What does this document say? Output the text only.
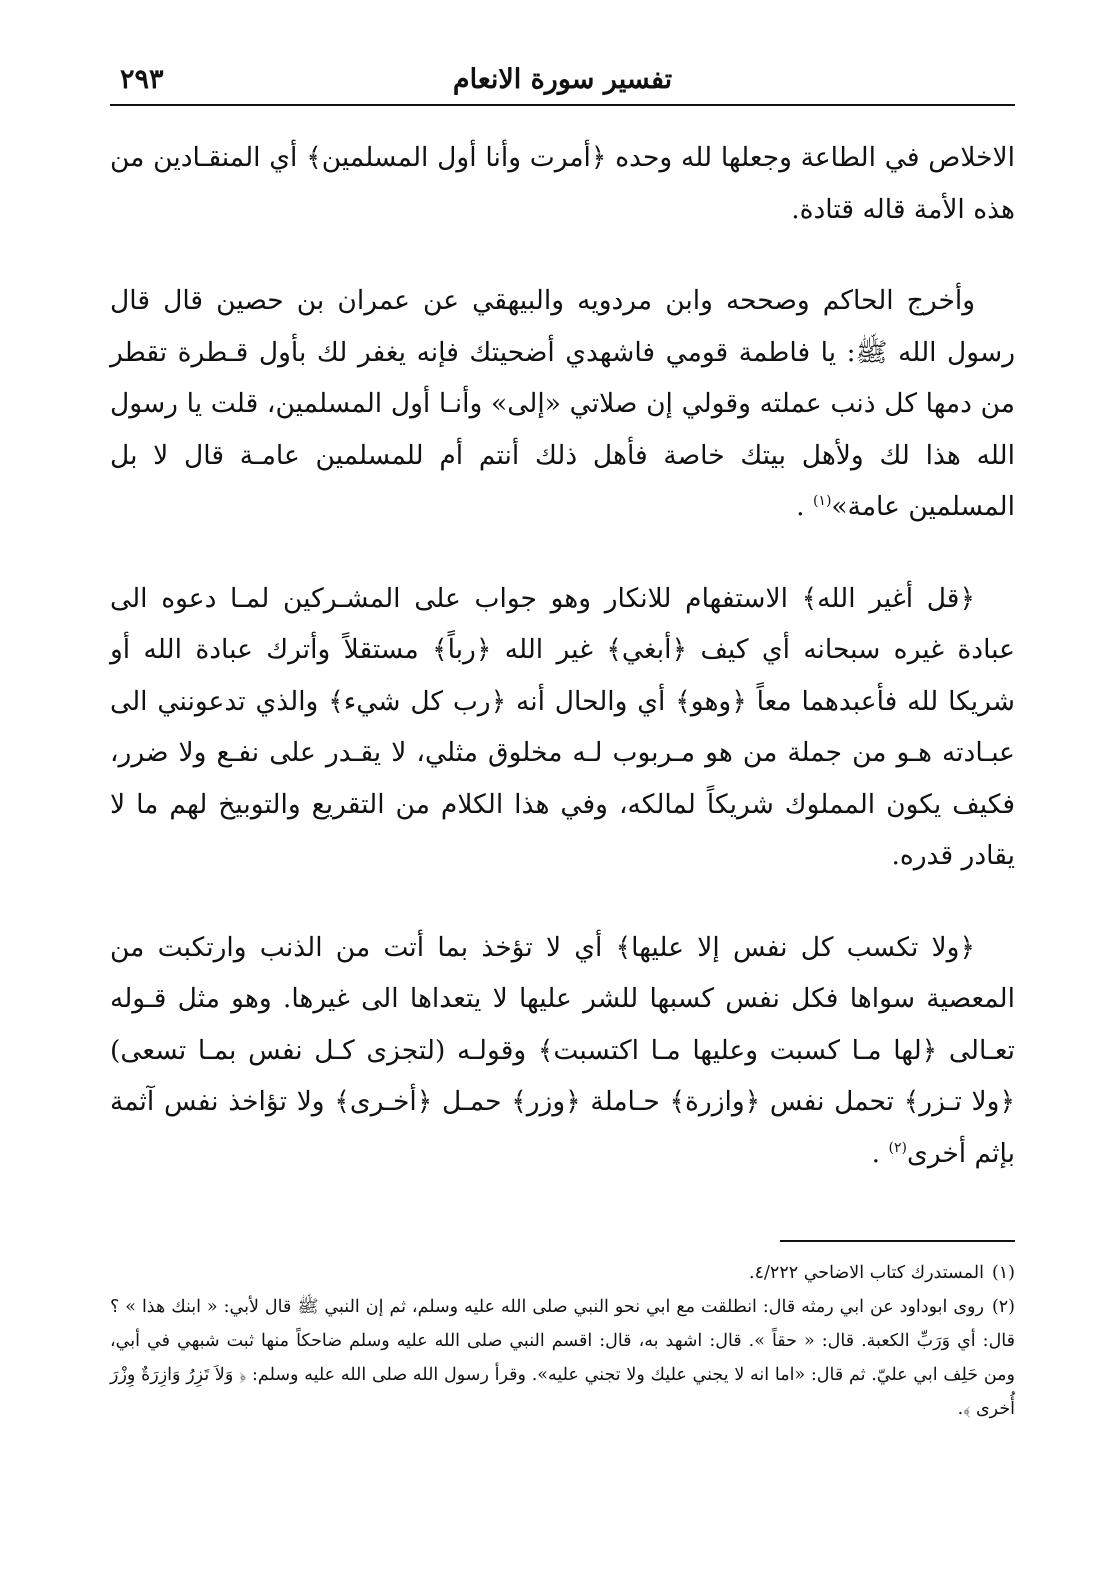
تفسير سورة الانعام
٢٩٣

الاخلاص في الطاعة وجعلها لله وحده ﴿أمرت وأنا أول المسلمين﴾ أي المنقـادين من هذه الأمة قاله قتادة.

وأخرج الحاكم وصححه وابن مردويه والبيهقي عن عمران بن حصين قال قال رسول الله ﷺ: يا فاطمة قومي فاشهدي أضحيتك فإنه يغفر لك بأول قـطرة تقطر من دمها كل ذنب عملته وقولي إن صلاتي «إلى» وأنـا أول المسلمين، قلت يا رسول الله هذا لك ولأهل بيتك خاصة فأهل ذلك أنتم أم للمسلمين عامـة قال لا بل المسلمين عامة»$^{(١)}$ .

﴿قل أغير الله﴾ الاستفهام للانكار وهو جواب على المشـركين لمـا دعوه الى عبادة غيره سبحانه أي كيف ﴿أبغي﴾ غير الله ﴿رباً﴾ مستقلاً وأترك عبادة الله أو شريكا لله فأعبدهما معاً ﴿وهو﴾ أي والحال أنه ﴿رب كل شيء﴾ والذي تدعونني الى عبـادته هـو من جملة من هو مـربوب لـه مخلوق مثلي، لا يقـدر على نفـع ولا ضرر، فكيف يكون المملوك شريكاً لمالكه، وفي هذا الكلام من التقريع والتوبيخ لهم ما لا يقادر قدره.

﴿ولا تكسب كل نفس إلا عليها﴾ أي لا تؤخذ بما أتت من الذنب وارتكبت من المعصية سواها فكل نفس كسبها للشر عليها لا يتعداها الى غيرها. وهو مثل قـوله تعـالى ﴿لها مـا كسبت وعليها مـا اكتسبت﴾ وقولـه (لتجزى كـل نفس بمـا تسعى) ﴿ولا تـزر﴾ تحمل نفس ﴿وازرة﴾ حـاملة ﴿وزر﴾ حمـل ﴿أخـرى﴾ ولا تؤاخذ نفس آثمة بإثم أخرى$^{(٢)}$ .

(١)المستدرك كتاب الاضاحي ٤/٢٢٢.

(٢)روى ابوداود عن ابي رمثه قال: انطلقت مع ابي نحو النبي صلى الله عليه وسلم، ثم إن النبي ﷺ قال لأبي: « ابنك هذا » ؟ قال: أي وَرَبِّ الكعبة. قال: « حقاً ». قال: اشهد به، قال: اقسم النبي صلى الله عليه وسلم ضاحكاً منها ثبت شبهي في أبي، ومن حَلِف ابي عليّ. ثم قال: «اما انه لا يجني عليك ولا تجني عليه». وقرأ رسول الله صلى الله عليه وسلم: ﴿ وَلاَ تَزِرُ وَازِرَةٌ وِزْرَ أُخرى ﴾.
